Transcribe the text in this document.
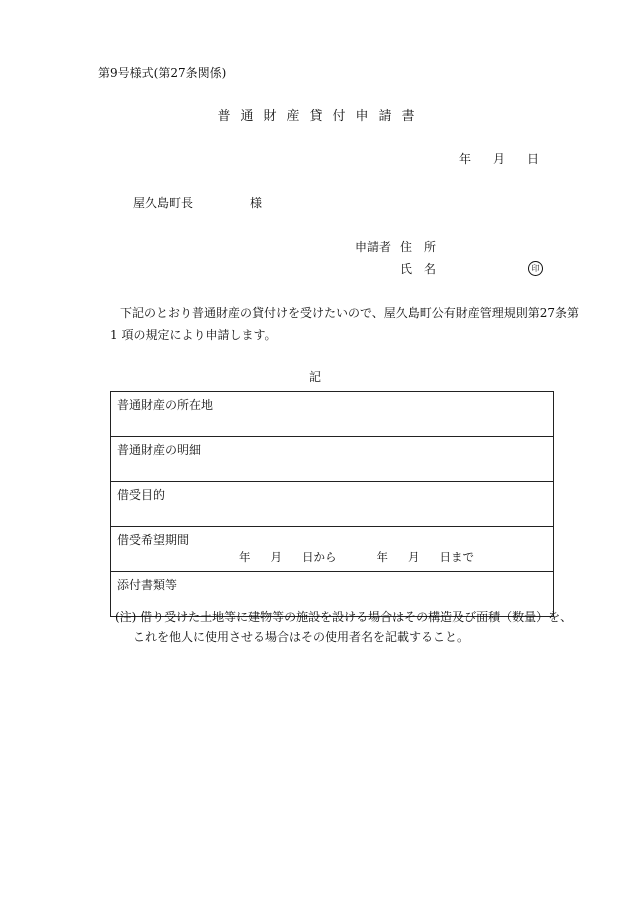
第9号様式(第27条関係)
普通財産貸付申請書
年 月 日
屋久島町長	様
申請者 住所
氏名	印
下記のとおり普通財産の貸付けを受けたいので、屋久島町公有財産管理規則第27条第
1 項の規定により申請します。
記
普通財産の所在地
普通財産の明細
借受目的
借受希望期間
年 月 日から	年 月 日まで

添付書類等
(注) 借り受けた土地等に建物等の施設を設ける場合はその構造及び面積（数量）を、
これを他人に使用させる場合はその使用者名を記載すること。
